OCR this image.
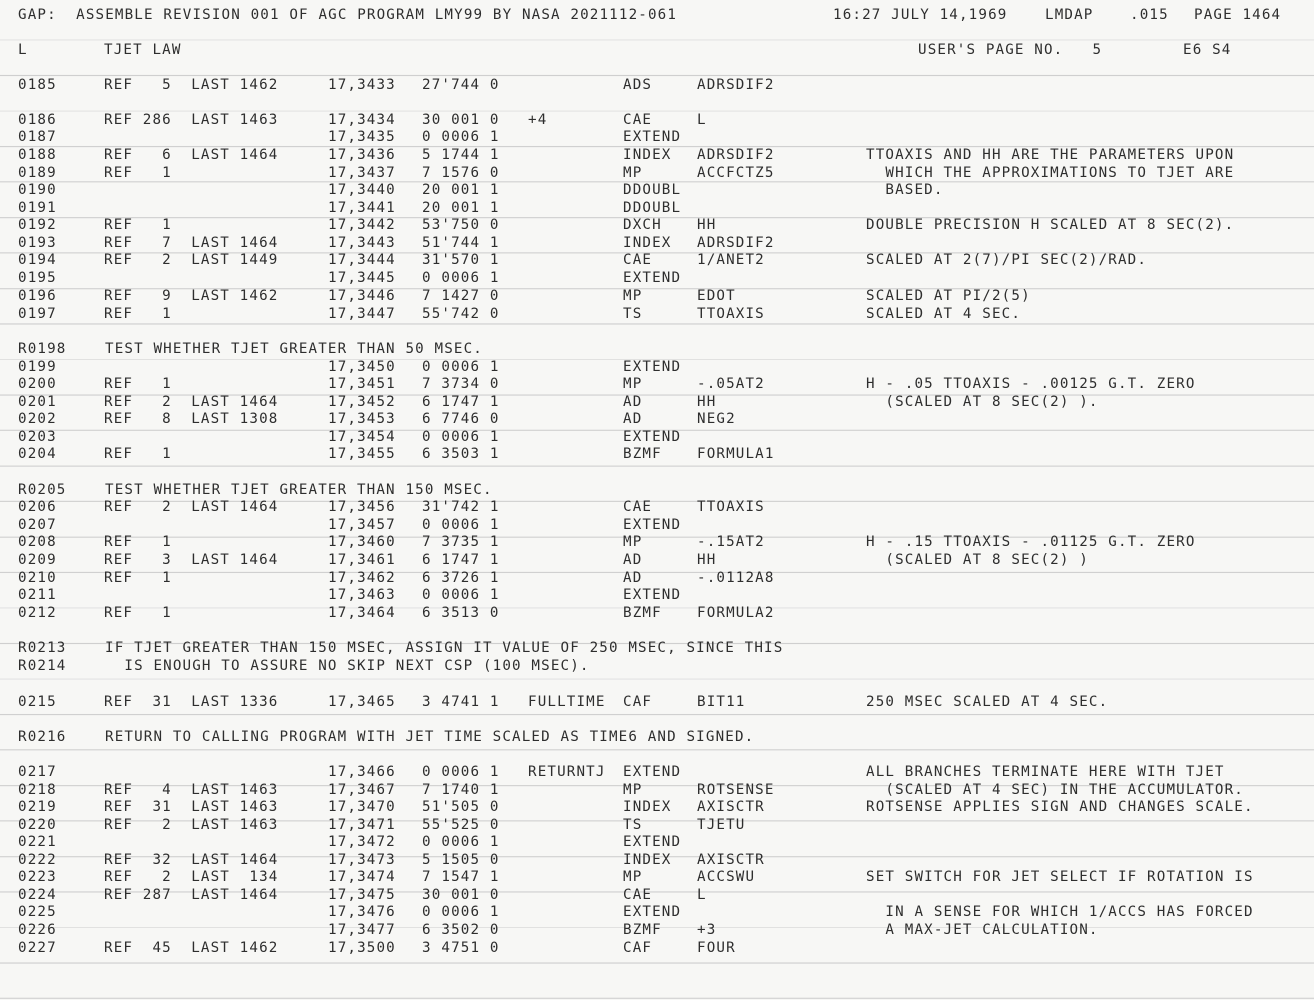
GAP:  ASSEMBLE REVISION 001 OF AGC PROGRAM LMY99 BY NASA 2021112-061

	16:27 JULY 14,1969

	LMDAP

	.015

PAGE 1464

L

	TJET LAW

	USER'S PAGE NO.   5

	E6 S4

0185	REF   5  LAST 1462	17,3433 27'744 0	ADS	ADRSDIF2
0186	REF 286  LAST 1463	17,3434 30 001 0 +4	CAE	L
0187	17,3435 0 0006 1	EXTEND
0188	REF   6  LAST 1464	17,3436 5 1744 1	INDEX ADRSDIF2	TTOAXIS AND HH ARE THE PARAMETERS UPON
0189	REF   1	17,3437 7 1576 0	MP	ACCFCTZ5	WHICH THE APPROXIMATIONS TO TJET ARE
0190	17,3440 20 001 1	DDOUBL	BASED.
0191	17,3441 20 001 1	DDOUBL
0192	REF   1	17,3442 53'750 0	DXCH HH	DOUBLE PRECISION H SCALED AT 8 SEC(2).
0193	REF   7  LAST 1464	17,3443 51'744 1	INDEX ADRSDIF2
0194	REF   2  LAST 1449	17,3444 31'570 1	CAE	1/ANET2	SCALED AT 2(7)/PI SEC(2)/RAD.
0195	17,3445 0 0006 1	EXTEND
0196	REF   9  LAST 1462	17,3446 7 1427 0	MP	EDOT	SCALED AT PI/2(5)
0197	REF   1	17,3447 55'742 0	TS	TTOAXIS	SCALED AT 4 SEC.
R0198	TEST WHETHER TJET GREATER THAN 50 MSEC.
0199	17,3450 0 0006 1	EXTEND
0200	REF   1	17,3451 7 3734 0	MP	-.05AT2	H - .05 TTOAXIS - .00125 G.T. ZERO
0201	REF   2  LAST 1464	17,3452 6 1747 1	AD	HH	(SCALED AT 8 SEC(2) ).
0202	REF   8  LAST 1308	17,3453 6 7746 0	AD	NEG2
0203	17,3454 0 0006 1	EXTEND
0204	REF   1	17,3455 6 3503 1	BZMF FORMULA1
R0205	TEST WHETHER TJET GREATER THAN 150 MSEC.
0206	REF   2  LAST 1464	17,3456 31'742 1	CAE	TTOAXIS
0207	17,3457 0 0006 1	EXTEND
0208	REF   1	17,3460 7 3735 1	MP	-.15AT2	H - .15 TTOAXIS - .01125 G.T. ZERO
0209	REF   3  LAST 1464	17,3461 6 1747 1	AD	HH	(SCALED AT 8 SEC(2) )
0210	REF   1	17,3462 6 3726 1	AD	-.0112A8
0211	17,3463 0 0006 1	EXTEND
0212	REF   1	17,3464 6 3513 0	BZMF FORMULA2
R0213	IF TJET GREATER THAN 150 MSEC, ASSIGN IT VALUE OF 250 MSEC, SINCE THIS
R0214	IS ENOUGH TO ASSURE NO SKIP NEXT CSP (100 MSEC).
0215	REF  31  LAST 1336	17,3465 3 4741 1 FULLTIME CAF	BIT11	250 MSEC SCALED AT 4 SEC.
R0216	RETURN TO CALLING PROGRAM WITH JET TIME SCALED AS TIME6 AND SIGNED.
0217	17,3466 0 0006 1 RETURNTJ EXTEND	ALL BRANCHES TERMINATE HERE WITH TJET
0218	REF   4  LAST 1463	17,3467 7 1740 1	MP	ROTSENSE	(SCALED AT 4 SEC) IN THE ACCUMULATOR.
0219	REF  31  LAST 1463	17,3470 51'505 0	INDEX AXISCTR	ROTSENSE APPLIES SIGN AND CHANGES SCALE.
0220	REF   2  LAST 1463	17,3471 55'525 0	TS	TJETU
0221	17,3472 0 0006 1	EXTEND
0222	REF  32  LAST 1464	17,3473 5 1505 0	INDEX AXISCTR
0223	REF   2  LAST  134	17,3474 7 1547 1	MP	ACCSWU	SET SWITCH FOR JET SELECT IF ROTATION IS
0224	REF 287  LAST 1464	17,3475 30 001 0	CAE	L
0225	17,3476 0 0006 1	EXTEND	IN A SENSE FOR WHICH 1/ACCS HAS FORCED
0226	17,3477 6 3502 0	BZMF +3	A MAX-JET CALCULATION.
0227	REF  45  LAST 1462	17,3500 3 4751 0	CAF	FOUR
